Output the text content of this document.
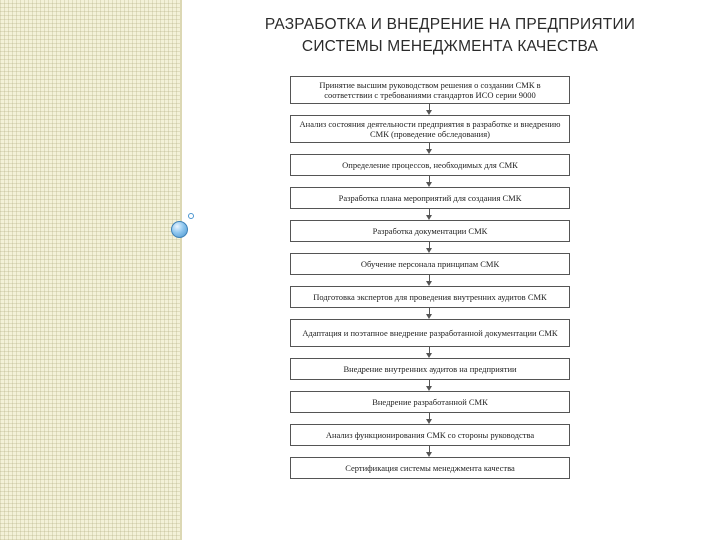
РАЗРАБОТКА И ВНЕДРЕНИЕ НА ПРЕДПРИЯТИИ
СИСТЕМЫ МЕНЕДЖМЕНТА КАЧЕСТВА
Принятие высшим руководством решения о создании СМК в соответствии с требованиями стандартов ИСО серии 9000
Анализ состояния деятельности предприятия в разработке и внедрению СМК (проведение обследования)
Определение процессов, необходимых для СМК
Разработка плана мероприятий для создания СМК
Разработка документации СМК
Обучение персонала принципам СМК
Подготовка экспертов для проведения внутренних аудитов СМК
Адаптация и поэтапное внедрение разработанной документации СМК
Внедрение внутренних аудитов на предприятии
Внедрение разработанной СМК
Анализ функционирования СМК со стороны руководства
Сертификация системы менеджмента качества
